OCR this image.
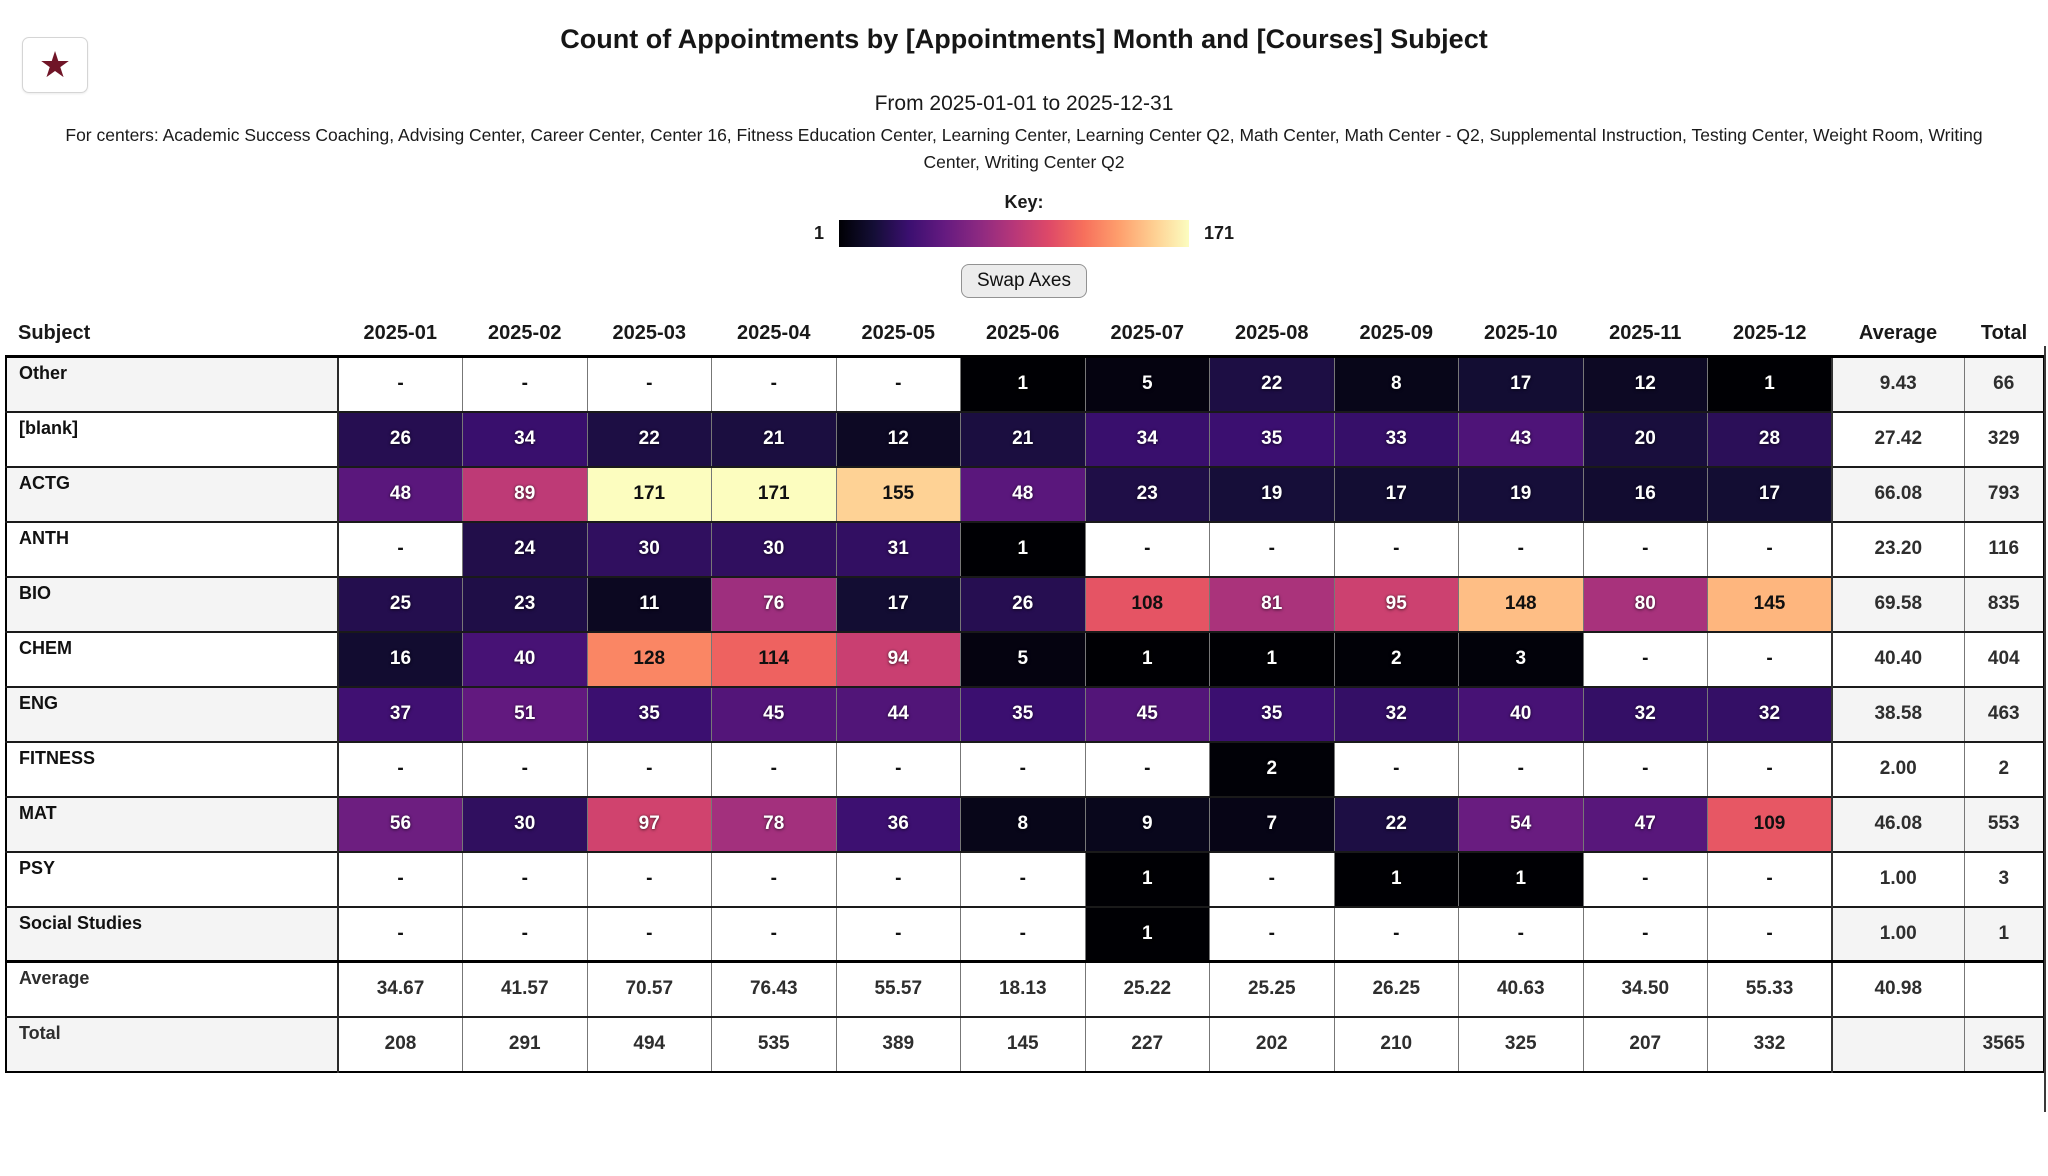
★
Count of Appointments by [Appointments] Month and [Courses] Subject
From 2025-01-01 to 2025-12-31
For centers: Academic Success Coaching, Advising Center, Career Center, Center 16, Fitness Education Center, Learning Center, Learning Center Q2, Math Center, Math Center - Q2, Supplemental Instruction, Testing Center, Weight Room, Writing Center, Writing Center Q2
Key:
1	171
Swap Axes
Subject	2025-01	2025-02	2025-03	2025-04	2025-05	2025-06	2025-07	2025-08	2025-09	2025-10	2025-11	2025-12	Average	Total
Other	-	-	-	-	-	1	5	22	8	17	12	1	9.43	66
[blank]	26	34	22	21	12	21	34	35	33	43	20	28	27.42	329
ACTG	48	89	171	171	155	48	23	19	17	19	16	17	66.08	793
ANTH	-	24	30	30	31	1	-	-	-	-	-	-	23.20	116
BIO	25	23	11	76	17	26	108	81	95	148	80	145	69.58	835
CHEM	16	40	128	114	94	5	1	1	2	3	-	-	40.40	404
ENG	37	51	35	45	44	35	45	35	32	40	32	32	38.58	463
FITNESS	-	-	-	-	-	-	-	2	-	-	-	-	2.00	2
MAT	56	30	97	78	36	8	9	7	22	54	47	109	46.08	553
PSY	-	-	-	-	-	-	1	-	1	1	-	-	1.00	3
Social Studies	-	-	-	-	-	-	1	-	-	-	-	-	1.00	1
Average	34.67	41.57	70.57	76.43	55.57	18.13	25.22	25.25	26.25	40.63	34.50	55.33	40.98	
Total	208	291	494	535	389	145	227	202	210	325	207	332		3565
